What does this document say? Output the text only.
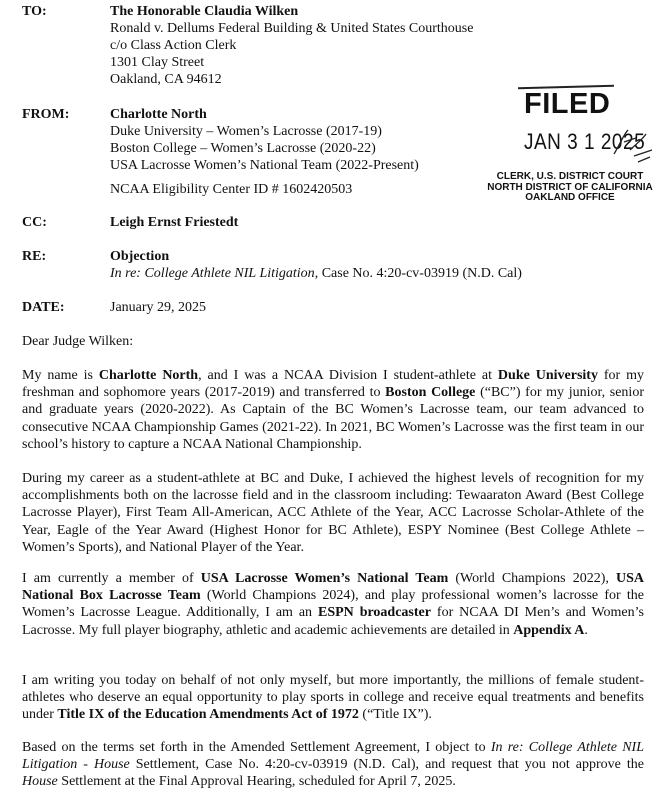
TO:	The Honorable Claudia Wilken
Ronald v. Dellums Federal Building & United States Courthouse
c/o Class Action Clerk
1301 Clay Street
Oakland, CA 94612
FROM:	Charlotte North
Duke University – Women’s Lacrosse (2017-19)
Boston College – Women’s Lacrosse (2020-22)
USA Lacrosse Women’s National Team (2022-Present)
NCAA Eligibility Center ID # 1602420503
CC:	Leigh Ernst Friestedt
RE:	Objection
In re: College Athlete NIL Litigation, Case No. 4:20-cv-03919 (N.D. Cal)
DATE:	January 29, 2025
FILED
JAN 3 1 2025
CLERK, U.S. DISTRICT COURT
NORTH DISTRICT OF CALIFORNIA
OAKLAND OFFICE
Dear Judge Wilken:
My name is Charlotte North, and I was a NCAA Division I student-athlete at Duke University for my freshman and sophomore years (2017-2019) and transferred to Boston College (“BC”) for my junior, senior and graduate years (2020-2022). As Captain of the BC Women’s Lacrosse team, our team advanced to consecutive NCAA Championship Games (2021-22). In 2021, BC Women’s Lacrosse was the first team in our school’s history to capture a NCAA National Championship.
During my career as a student-athlete at BC and Duke, I achieved the highest levels of recognition for my accomplishments both on the lacrosse field and in the classroom including: Tewaaraton Award (Best College Lacrosse Player), First Team All-American, ACC Athlete of the Year, ACC Lacrosse Scholar-Athlete of the Year, Eagle of the Year Award (Highest Honor for BC Athlete), ESPY Nominee (Best College Athlete – Women’s Sports), and National Player of the Year.
I am currently a member of USA Lacrosse Women’s National Team (World Champions 2022), USA National Box Lacrosse Team (World Champions 2024), and play professional women’s lacrosse for the Women’s Lacrosse League. Additionally, I am an ESPN broadcaster for NCAA DI Men’s and Women’s Lacrosse. My full player biography, athletic and academic achievements are detailed in Appendix A.
I am writing you today on behalf of not only myself, but more importantly, the millions of female student-athletes who deserve an equal opportunity to play sports in college and receive equal treatments and benefits under Title IX of the Education Amendments Act of 1972 (“Title IX”).
Based on the terms set forth in the Amended Settlement Agreement, I object to In re: College Athlete NIL Litigation - House Settlement, Case No. 4:20-cv-03919 (N.D. Cal), and request that you not approve the House Settlement at the Final Approval Hearing, scheduled for April 7, 2025.
